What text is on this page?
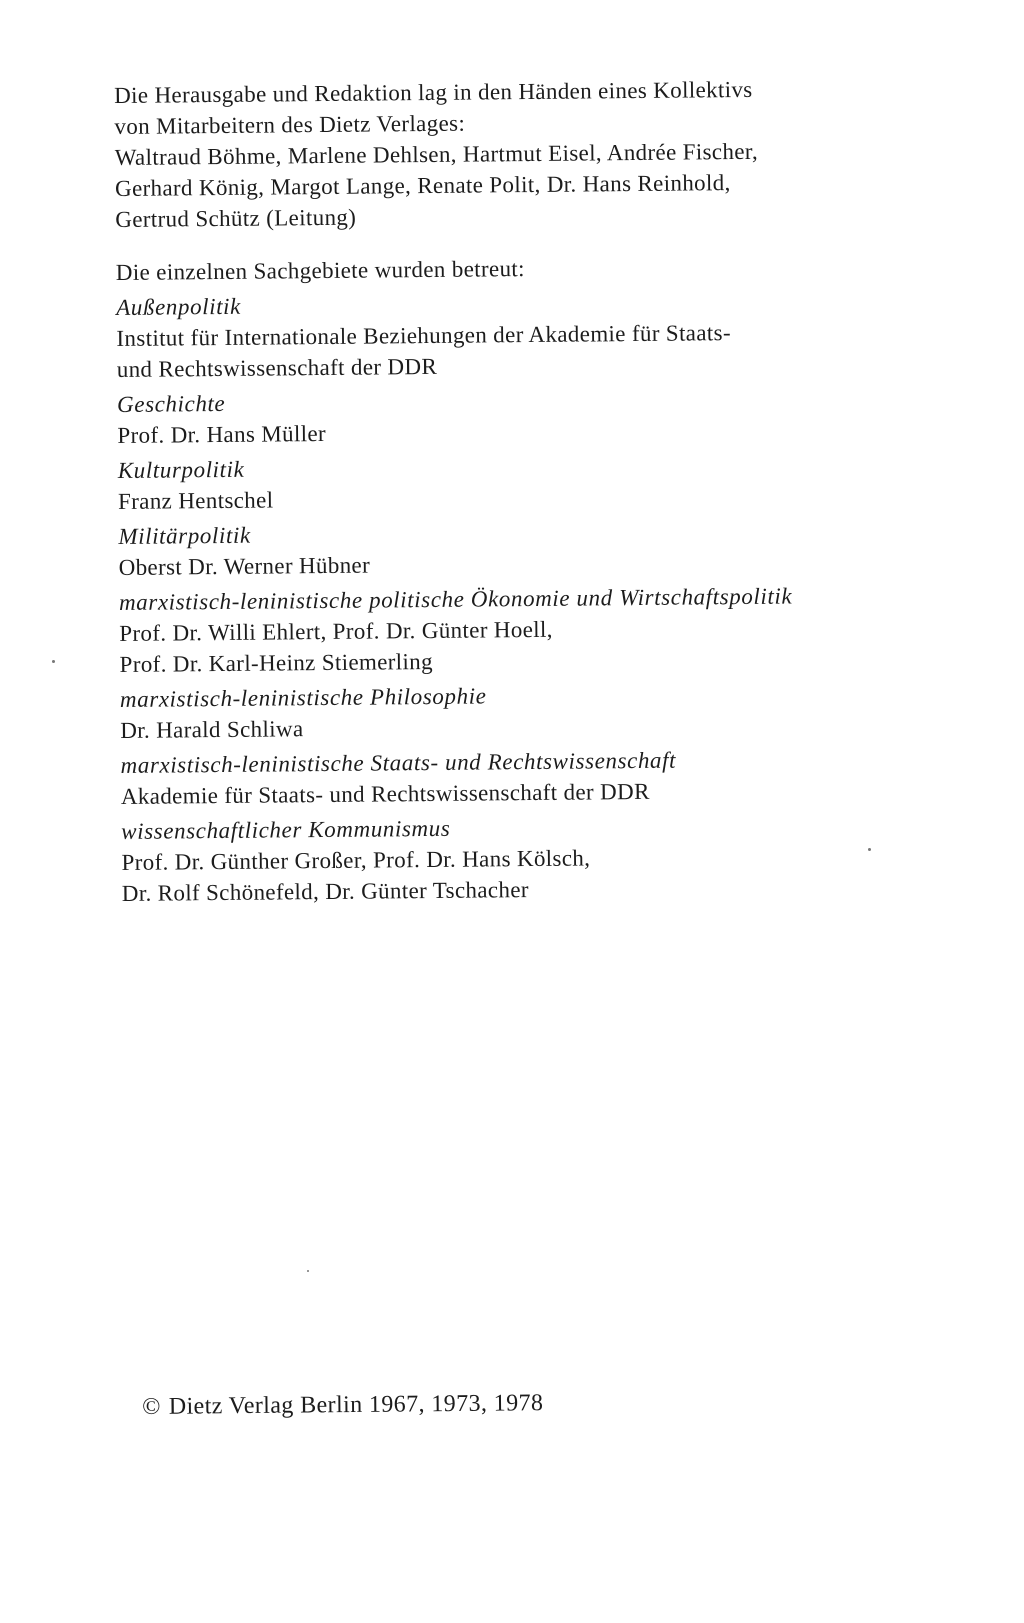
Die Herausgabe und Redaktion lag in den Händen eines Kollektivs
von Mitarbeitern des Dietz Verlages:
Waltraud Böhme, Marlene Dehlsen, Hartmut Eisel, Andrée Fischer,
Gerhard König, Margot Lange, Renate Polit, Dr. Hans Reinhold,
Gertrud Schütz (Leitung)
Die einzelnen Sachgebiete wurden betreut:
Außenpolitik
Institut für Internationale Beziehungen der Akademie für Staats-
und Rechtswissenschaft der DDR
Geschichte
Prof. Dr. Hans Müller
Kulturpolitik
Franz Hentschel
Militärpolitik
Oberst Dr. Werner Hübner
marxistisch-leninistische politische Ökonomie und Wirtschaftspolitik
Prof. Dr. Willi Ehlert, Prof. Dr. Günter Hoell,
Prof. Dr. Karl-Heinz Stiemerling
marxistisch-leninistische Philosophie
Dr. Harald Schliwa
marxistisch-leninistische Staats- und Rechtswissenschaft
Akademie für Staats- und Rechtswissenschaft der DDR
wissenschaftlicher Kommunismus
Prof. Dr. Günther Großer, Prof. Dr. Hans Kölsch,
Dr. Rolf Schönefeld, Dr. Günter Tschacher
© Dietz Verlag Berlin 1967, 1973, 1978
